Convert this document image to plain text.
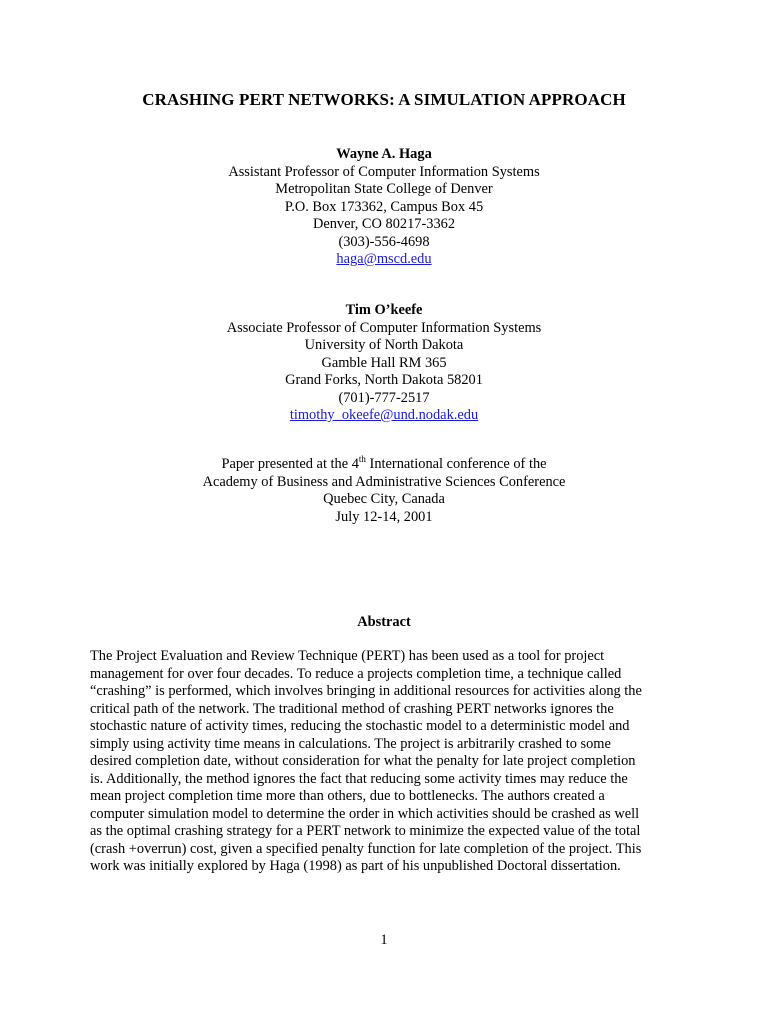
CRASHING PERT NETWORKS: A SIMULATION APPROACH
Wayne A. Haga
Assistant Professor of Computer Information Systems
Metropolitan State College of Denver
P.O. Box 173362, Campus Box 45
Denver, CO 80217-3362
(303)-556-4698
haga@mscd.edu
Tim O’keefe
Associate Professor of Computer Information Systems
University of North Dakota
Gamble Hall RM 365
Grand Forks, North Dakota 58201
(701)-777-2517
timothy_okeefe@und.nodak.edu
Paper presented at the 4th International conference of the
Academy of Business and Administrative Sciences Conference
Quebec City, Canada
July 12-14, 2001
Abstract
The Project Evaluation and Review Technique (PERT) has been used as a tool for project
management for over four decades. To reduce a projects completion time, a technique called
“crashing” is performed, which involves bringing in additional resources for activities along the
critical path of the network. The traditional method of crashing PERT networks ignores the
stochastic nature of activity times, reducing the stochastic model to a deterministic model and
simply using activity time means in calculations. The project is arbitrarily crashed to some
desired completion date, without consideration for what the penalty for late project completion
is. Additionally, the method ignores the fact that reducing some activity times may reduce the
mean project completion time more than others, due to bottlenecks. The authors created a
computer simulation model to determine the order in which activities should be crashed as well
as the optimal crashing strategy for a PERT network to minimize the expected value of the total
(crash +overrun) cost, given a specified penalty function for late completion of the project. This
work was initially explored by Haga (1998) as part of his unpublished Doctoral dissertation.
1
